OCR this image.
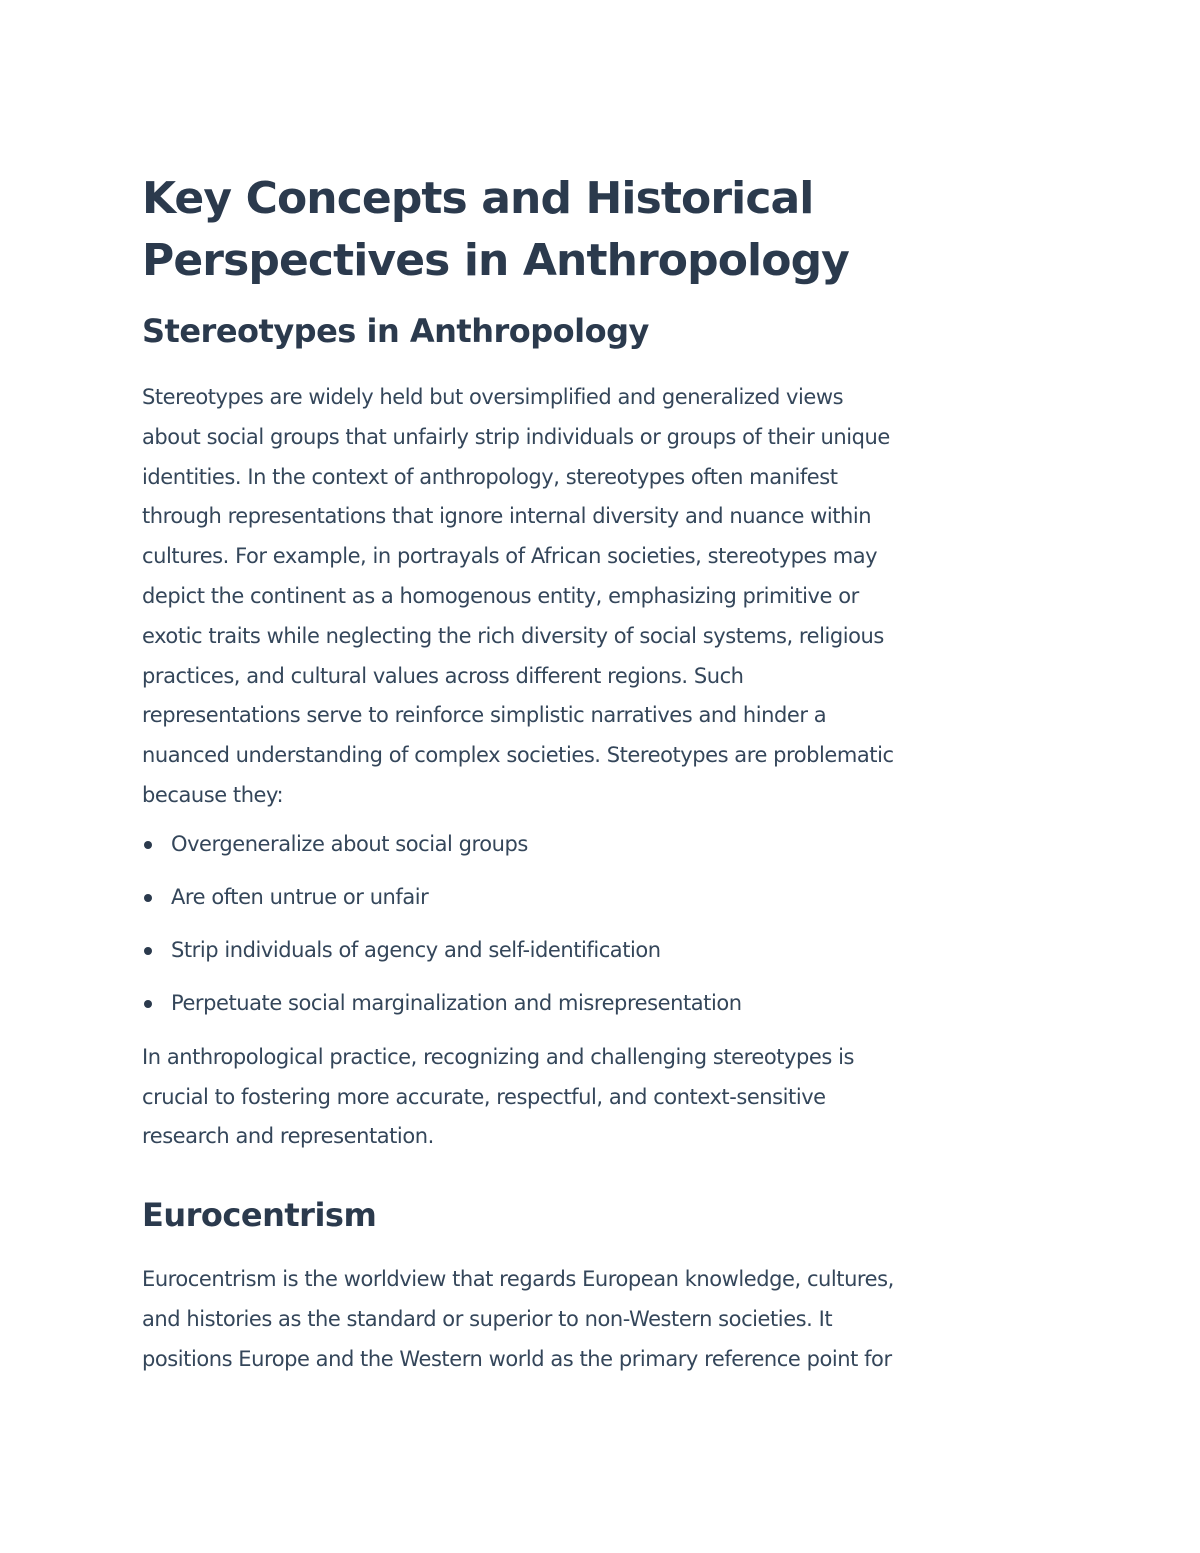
Key Concepts and Historical
Perspectives in Anthropology
Stereotypes in Anthropology

Stereotypes are widely held but oversimplified and generalized views
about social groups that unfairly strip individuals or groups of their unique
identities. In the context of anthropology, stereotypes often manifest
through representations that ignore internal diversity and nuance within
cultures. For example, in portrayals of African societies, stereotypes may
depict the continent as a homogenous entity, emphasizing primitive or
exotic traits while neglecting the rich diversity of social systems, religious
practices, and cultural values across different regions. Such
representations serve to reinforce simplistic narratives and hinder a
nuanced understanding of complex societies. Stereotypes are problematic
because they:

Overgeneralize about social groups
Are often untrue or unfair
Strip individuals of agency and self-identification
Perpetuate social marginalization and misrepresentation

In anthropological practice, recognizing and challenging stereotypes is
crucial to fostering more accurate, respectful, and context-sensitive
research and representation.

Eurocentrism

Eurocentrism is the worldview that regards European knowledge, cultures,
and histories as the standard or superior to non-Western societies. It
positions Europe and the Western world as the primary reference point for
